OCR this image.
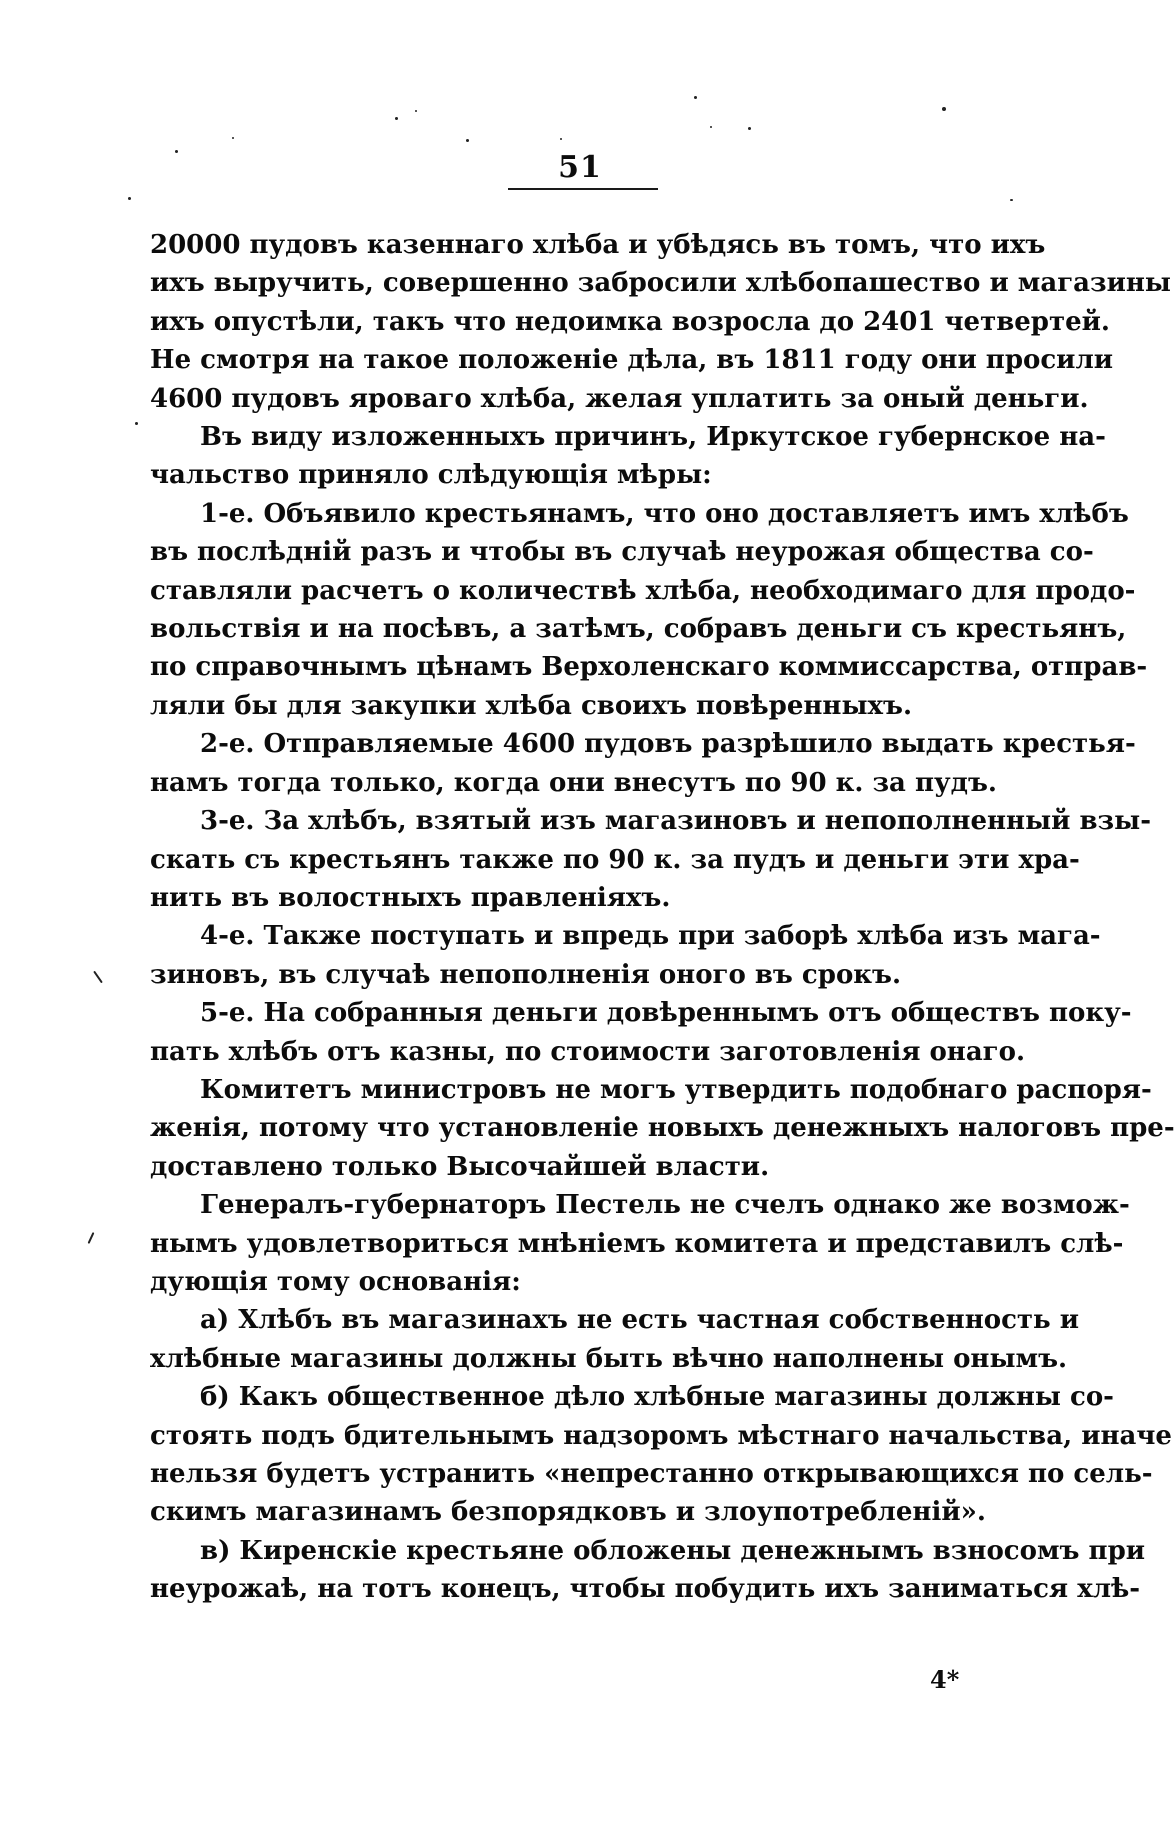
51
20000 пудовъ казеннаго хлѣба и убѣдясь въ томъ, что ихъ
ихъ выручить, совершенно забросили хлѣбопашество и магазины
ихъ опустѣли, такъ что недоимка возросла до 2401 четвертей.
Не смотря на такое положеніе дѣла, въ 1811 году они просили
4600 пудовъ яроваго хлѣба, желая уплатить за оный деньги.
Въ виду изложенныхъ причинъ, Иркутское губернское на-
чальство приняло слѣдующія мѣры:
1-е. Объявило крестьянамъ, что оно доставляетъ имъ хлѣбъ
въ послѣдній разъ и чтобы въ случаѣ неурожая общества со-
ставляли расчетъ о количествѣ хлѣба, необходимаго для продо-
вольствія и на посѣвъ, а затѣмъ, собравъ деньги съ крестьянъ,
по справочнымъ цѣнамъ Верхоленскаго коммиссарства, отправ-
ляли бы для закупки хлѣба своихъ повѣренныхъ.
2-е. Отправляемые 4600 пудовъ разрѣшило выдать крестья-
намъ тогда только, когда они внесутъ по 90 к. за пудъ.
3-е. За хлѣбъ, взятый изъ магазиновъ и непополненный взы-
скать съ крестьянъ также по 90 к. за пудъ и деньги эти хра-
нить въ волостныхъ правленіяхъ.
4-е. Также поступать и впредь при заборѣ хлѣба изъ мага-
зиновъ, въ случаѣ непополненія оного въ срокъ.
5-е. На собранныя деньги довѣреннымъ отъ обществъ поку-
пать хлѣбъ отъ казны, по стоимости заготовленія онаго.
Комитетъ министровъ не могъ утвердить подобнаго распоря-
женія, потому что установленіе новыхъ денежныхъ налоговъ пре-
доставлено только Высочайшей власти.
Генералъ-губернаторъ Пестель не счелъ однако же возмож-
нымъ удовлетвориться мнѣніемъ комитета и представилъ слѣ-
дующія тому основанія:
а) Хлѣбъ въ магазинахъ не есть частная собственность и
хлѣбные магазины должны быть вѣчно наполнены онымъ.
б) Какъ общественное дѣло хлѣбные магазины должны со-
стоять подъ бдительнымъ надзоромъ мѣстнаго начальства, иначе
нельзя будетъ устранить «непрестанно открывающихся по сель-
скимъ магазинамъ безпорядковъ и злоупотребленій».
в) Киренскіе крестьяне обложены денежнымъ взносомъ при
неурожаѣ, на тотъ конецъ, чтобы побудить ихъ заниматься хлѣ-
4*
